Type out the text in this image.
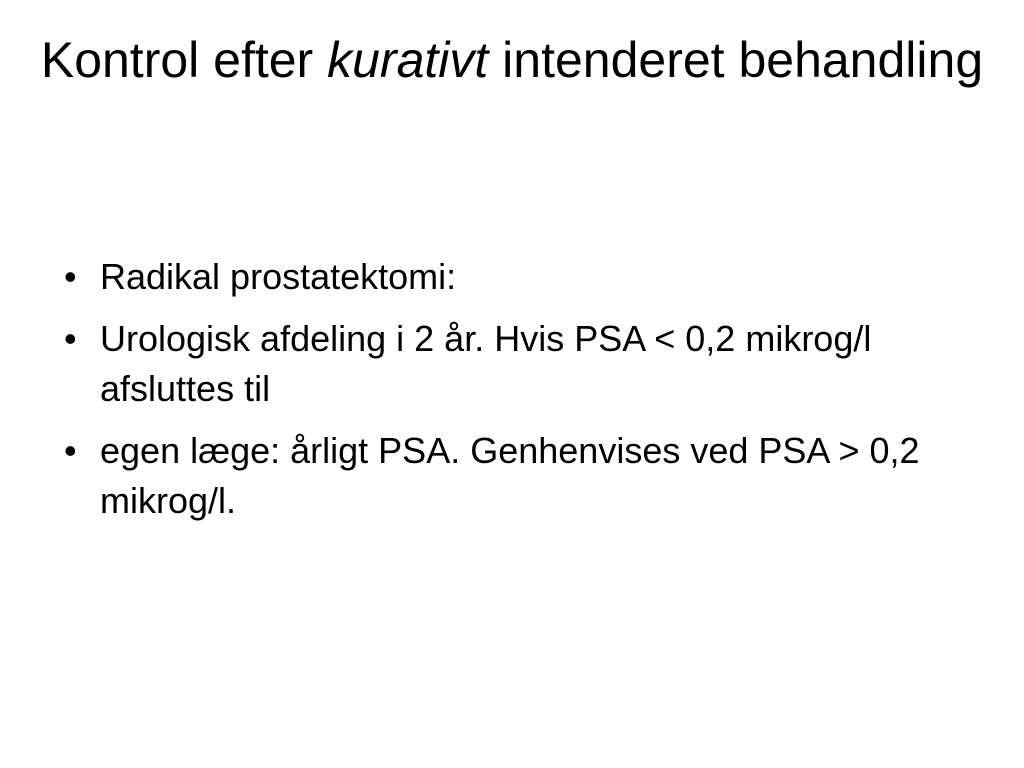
Kontrol efter kurativt intenderet behandling
• Radikal prostatektomi:
• Urologisk afdeling i 2 år. Hvis PSA < 0,2 mikrog/l afsluttes til
• egen læge: årligt PSA. Genhenvises ved PSA > 0,2 mikrog/l.
